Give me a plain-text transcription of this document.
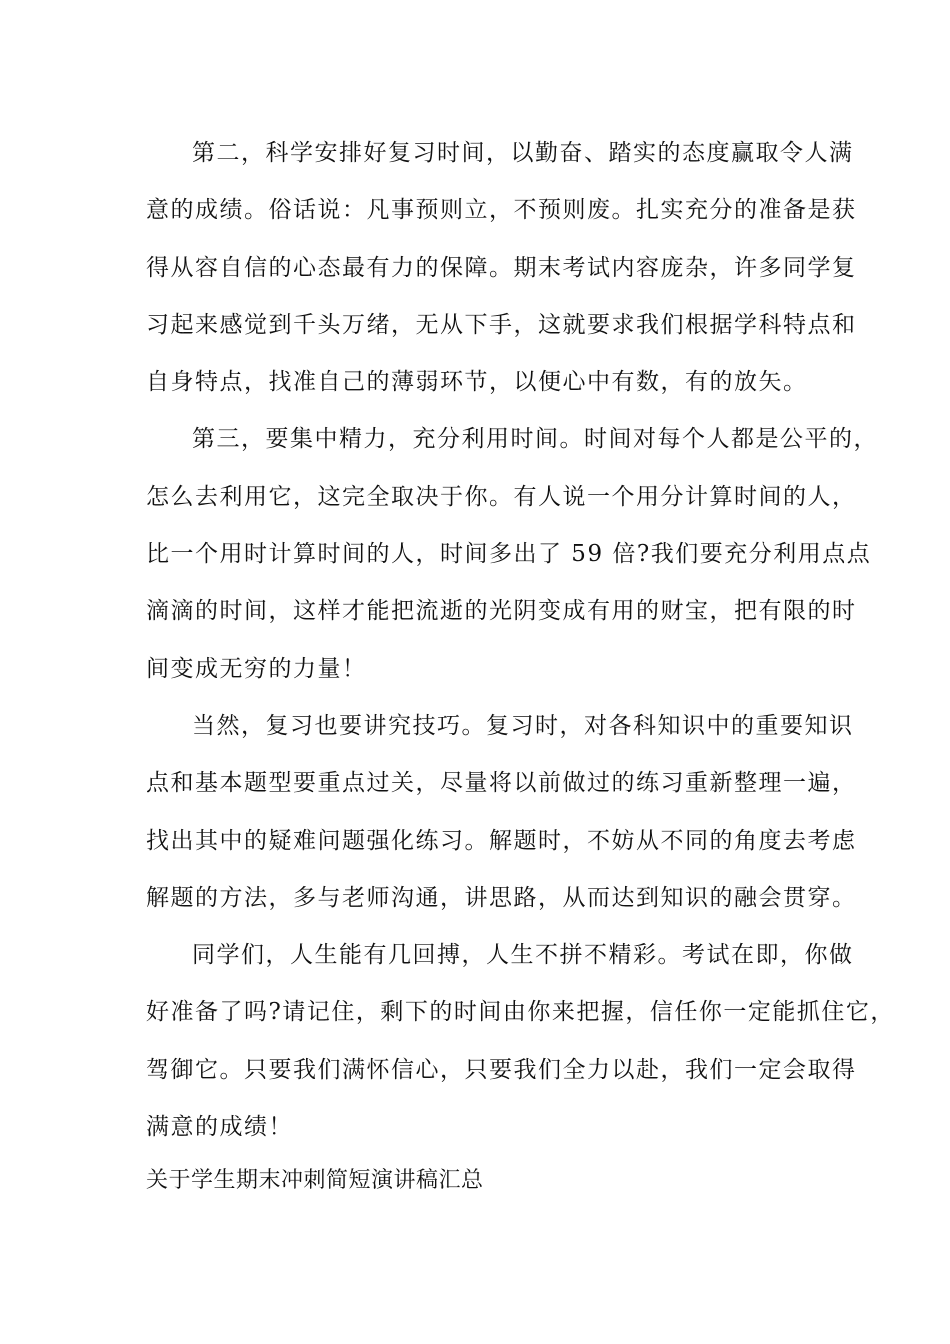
第二，科学安排好复习时间，以勤奋、踏实的态度赢取令人满
意的成绩。俗话说：凡事预则立，不预则废。扎实充分的准备是获
得从容自信的心态最有力的保障。期末考试内容庞杂，许多同学复
习起来感觉到千头万绪，无从下手，这就要求我们根据学科特点和
自身特点，找准自己的薄弱环节，以便心中有数，有的放矢。
第三，要集中精力，充分利用时间。时间对每个人都是公平的，
怎么去利用它，这完全取决于你。有人说一个用分计算时间的人，
比一个用时计算时间的人，时间多出了 59 倍?我们要充分利用点点
滴滴的时间，这样才能把流逝的光阴变成有用的财宝，把有限的时
间变成无穷的力量！
当然，复习也要讲究技巧。复习时，对各科知识中的重要知识
点和基本题型要重点过关，尽量将以前做过的练习重新整理一遍，
找出其中的疑难问题强化练习。解题时，不妨从不同的角度去考虑
解题的方法，多与老师沟通，讲思路，从而达到知识的融会贯穿。
同学们，人生能有几回搏，人生不拼不精彩。考试在即，你做
好准备了吗?请记住，剩下的时间由你来把握，信任你一定能抓住它，
驾御它。只要我们满怀信心，只要我们全力以赴，我们一定会取得
满意的成绩！
关于学生期末冲刺简短演讲稿汇总
